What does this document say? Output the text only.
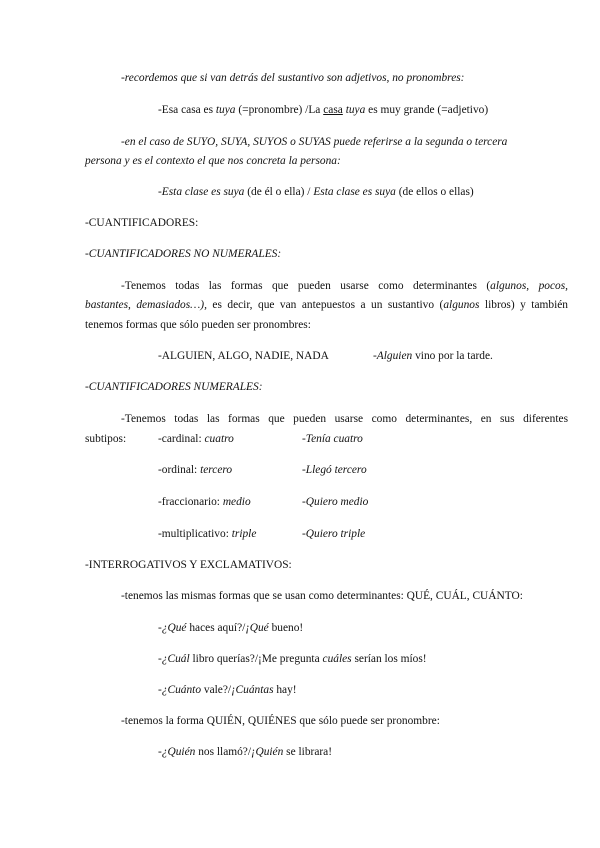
-recordemos que si van detrás del sustantivo son adjetivos, no pronombres:
-Esa casa es tuya (=pronombre) /La casa tuya es muy grande (=adjetivo)
-en el caso de SUYO, SUYA, SUYOS o SUYAS puede referirse a la segunda o tercera
persona y es el contexto el que nos concreta la persona:
-Esta clase es suya (de él o ella) / Esta clase es suya (de ellos o ellas)
-CUANTIFICADORES:
-CUANTIFICADORES NO NUMERALES:
-Tenemos todas las formas que pueden usarse como determinantes (algunos, pocos,
bastantes, demasiados…), es decir, que van antepuestos a un sustantivo (algunos libros) y también
tenemos formas que sólo pueden ser pronombres:
-ALGUIEN, ALGO, NADIE, NADA	-Alguien vino por la tarde.
-CUANTIFICADORES NUMERALES:
-Tenemos todas las formas que pueden usarse como determinantes, en sus diferentes
subtipos:	-cardinal: cuatro	-Tenía cuatro
-ordinal: tercero	-Llegó tercero
-fraccionario: medio	-Quiero medio
-multiplicativo: triple	-Quiero triple
-INTERROGATIVOS Y EXCLAMATIVOS:
-tenemos las mismas formas que se usan como determinantes: QUÉ, CUÁL, CUÁNTO:
-¿Qué haces aquí?/¡Qué bueno!
-¿Cuál libro querías?/¡Me pregunta cuáles serían los míos!
-¿Cuánto vale?/¡Cuántas hay!
-tenemos la forma QUIÉN, QUIÉNES que sólo puede ser pronombre:
-¿Quién nos llamó?/¡Quién se librara!
